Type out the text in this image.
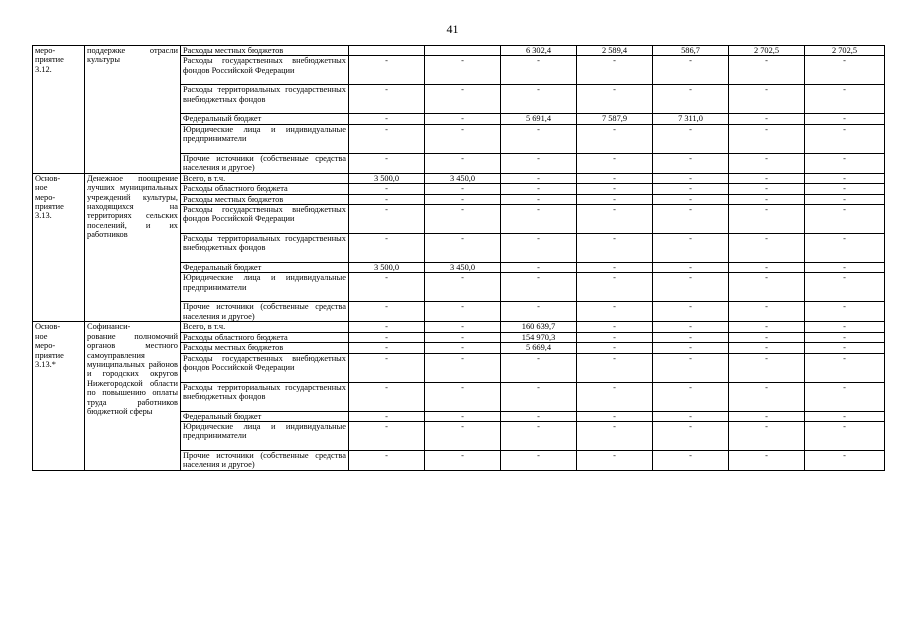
41
меро-
приятие
3.12.	поддержке отрасли культуры	Расходы местных бюджетов			6 302,4	2 589,4	586,7	2 702,5	2 702,5
		Расходы государственных внебюджетных фондов Российской Федерации	-	-	-	-	-	-	-
		Расходы территориальных государственных внебюджетных фондов	-	-	-	-	-	-	-
		Федеральный бюджет	-	-	5 691,4	7 587,9	7 311,0	-	-
		Юридические лица и индивидуальные предприниматели	-	-	-	-	-	-	-
		Прочие источники (собственные средства населения и другое)	-	-	-	-	-	-	-
Основ-
ное
меро-
приятие
3.13.	Денежное поощрение лучших муниципальных учреждений культуры, находящихся на территориях сельских поселений, и их работников	Всего, в т.ч.	3 500,0	3 450,0	-	-	-	-	-
		Расходы областного бюджета	-	-	-	-	-	-	-
		Расходы местных бюджетов	-	-	-	-	-	-	-
		Расходы государственных внебюджетных фондов Российской Федерации	-	-	-	-	-	-	-
		Расходы территориальных государственных внебюджетных фондов	-	-	-	-	-	-	-
		Федеральный бюджет	3 500,0	3 450,0	-	-	-	-	-
		Юридические лица и индивидуальные предприниматели	-	-	-	-	-	-	-
		Прочие источники (собственные средства населения и другое)	-	-	-	-	-	-	-
Основ-
ное
меро-
приятие
3.13.*	Софинанси-
рование полномочий органов местного самоуправления муниципальных районов и городских округов Нижегородской области по повышению оплаты труда работников бюджетной сферы	Всего, в т.ч.	-	-	160 639,7	-	-	-	-
		Расходы областного бюджета	-	-	154 970,3	-	-	-	-
		Расходы местных бюджетов	-	-	5 669,4	-	-	-	-
		Расходы государственных внебюджетных фондов Российской Федерации	-	-	-	-	-	-	-
		Расходы территориальных государственных внебюджетных фондов	-	-	-	-	-	-	-
		Федеральный бюджет	-	-	-	-	-	-	-
		Юридические лица и индивидуальные предприниматели	-	-	-	-	-	-	-
		Прочие источники (собственные средства населения и другое)	-	-	-	-	-	-	-
